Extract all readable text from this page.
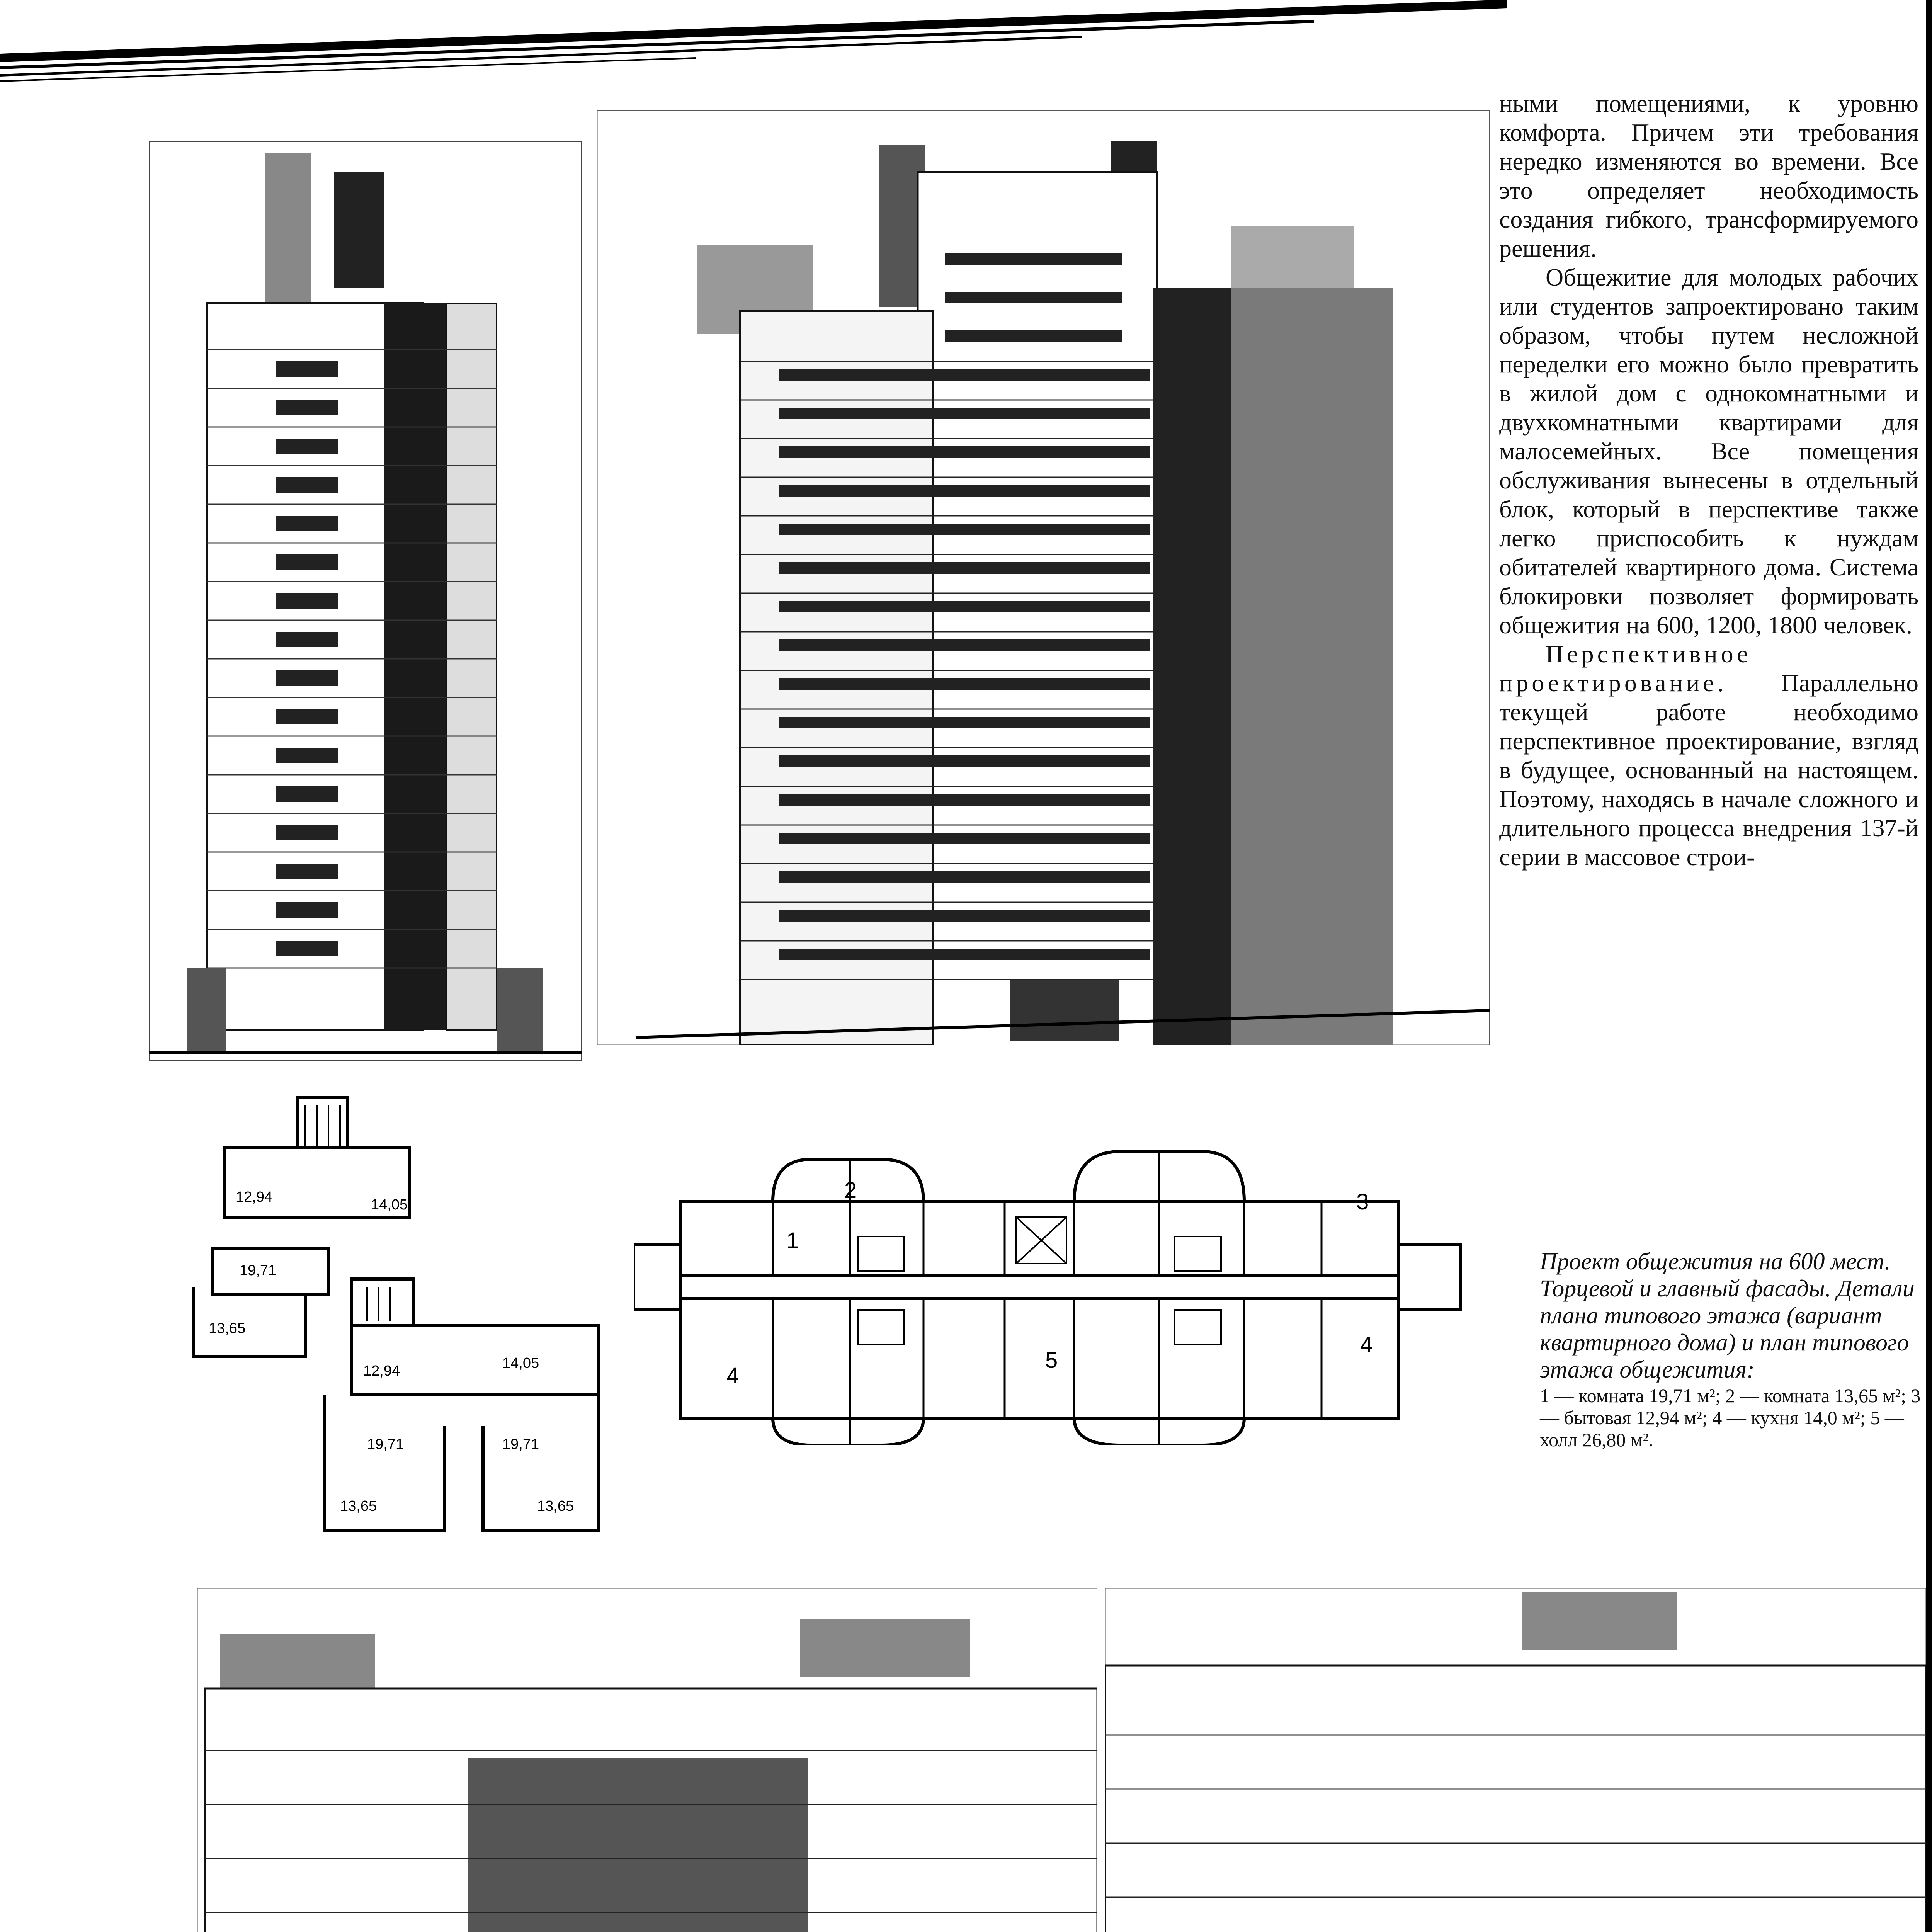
ными помещениями, к уровню комфорта. Причем эти требования нередко изменяются во времени. Все это определяет необходимость создания гибкого, трансформируемого решения.

Общежитие для молодых рабочих или студентов запроектировано таким образом, чтобы путем несложной переделки его можно было превратить в жилой дом с однокомнатными и двухкомнатными квартирами для малосемейных. Все помещения обслуживания вынесены в отдельный блок, который в перспективе также легко приспособить к нуждам обитателей квартирного дома. Система блокировки позволяет формировать общежития на 600, 1200, 1800 человек.

Перспективное проектирование. Параллельно текущей работе необходимо перспективное проектирование, взгляд в будущее, основанный на настоящем. Поэтому, находясь в начале сложного и длительного процесса внедрения 137-й серии в массовое строи-

12,94	14,05
19,71
13,65
12,94	14,05
19,71	19,71
13,65	13,65
1
2	3
4
4
5
Проект общежития на 600 мест. Торцевой и главный фасады. Детали плана типового этажа (вариант квартирного дома) и план типового этажа общежития:
1 — комната 19,71 м²; 2 — комната 13,65 м²; 3 — бытовая 12,94 м²; 4 — кухня 14,0 м²; 5 — холл 26,80 м².
